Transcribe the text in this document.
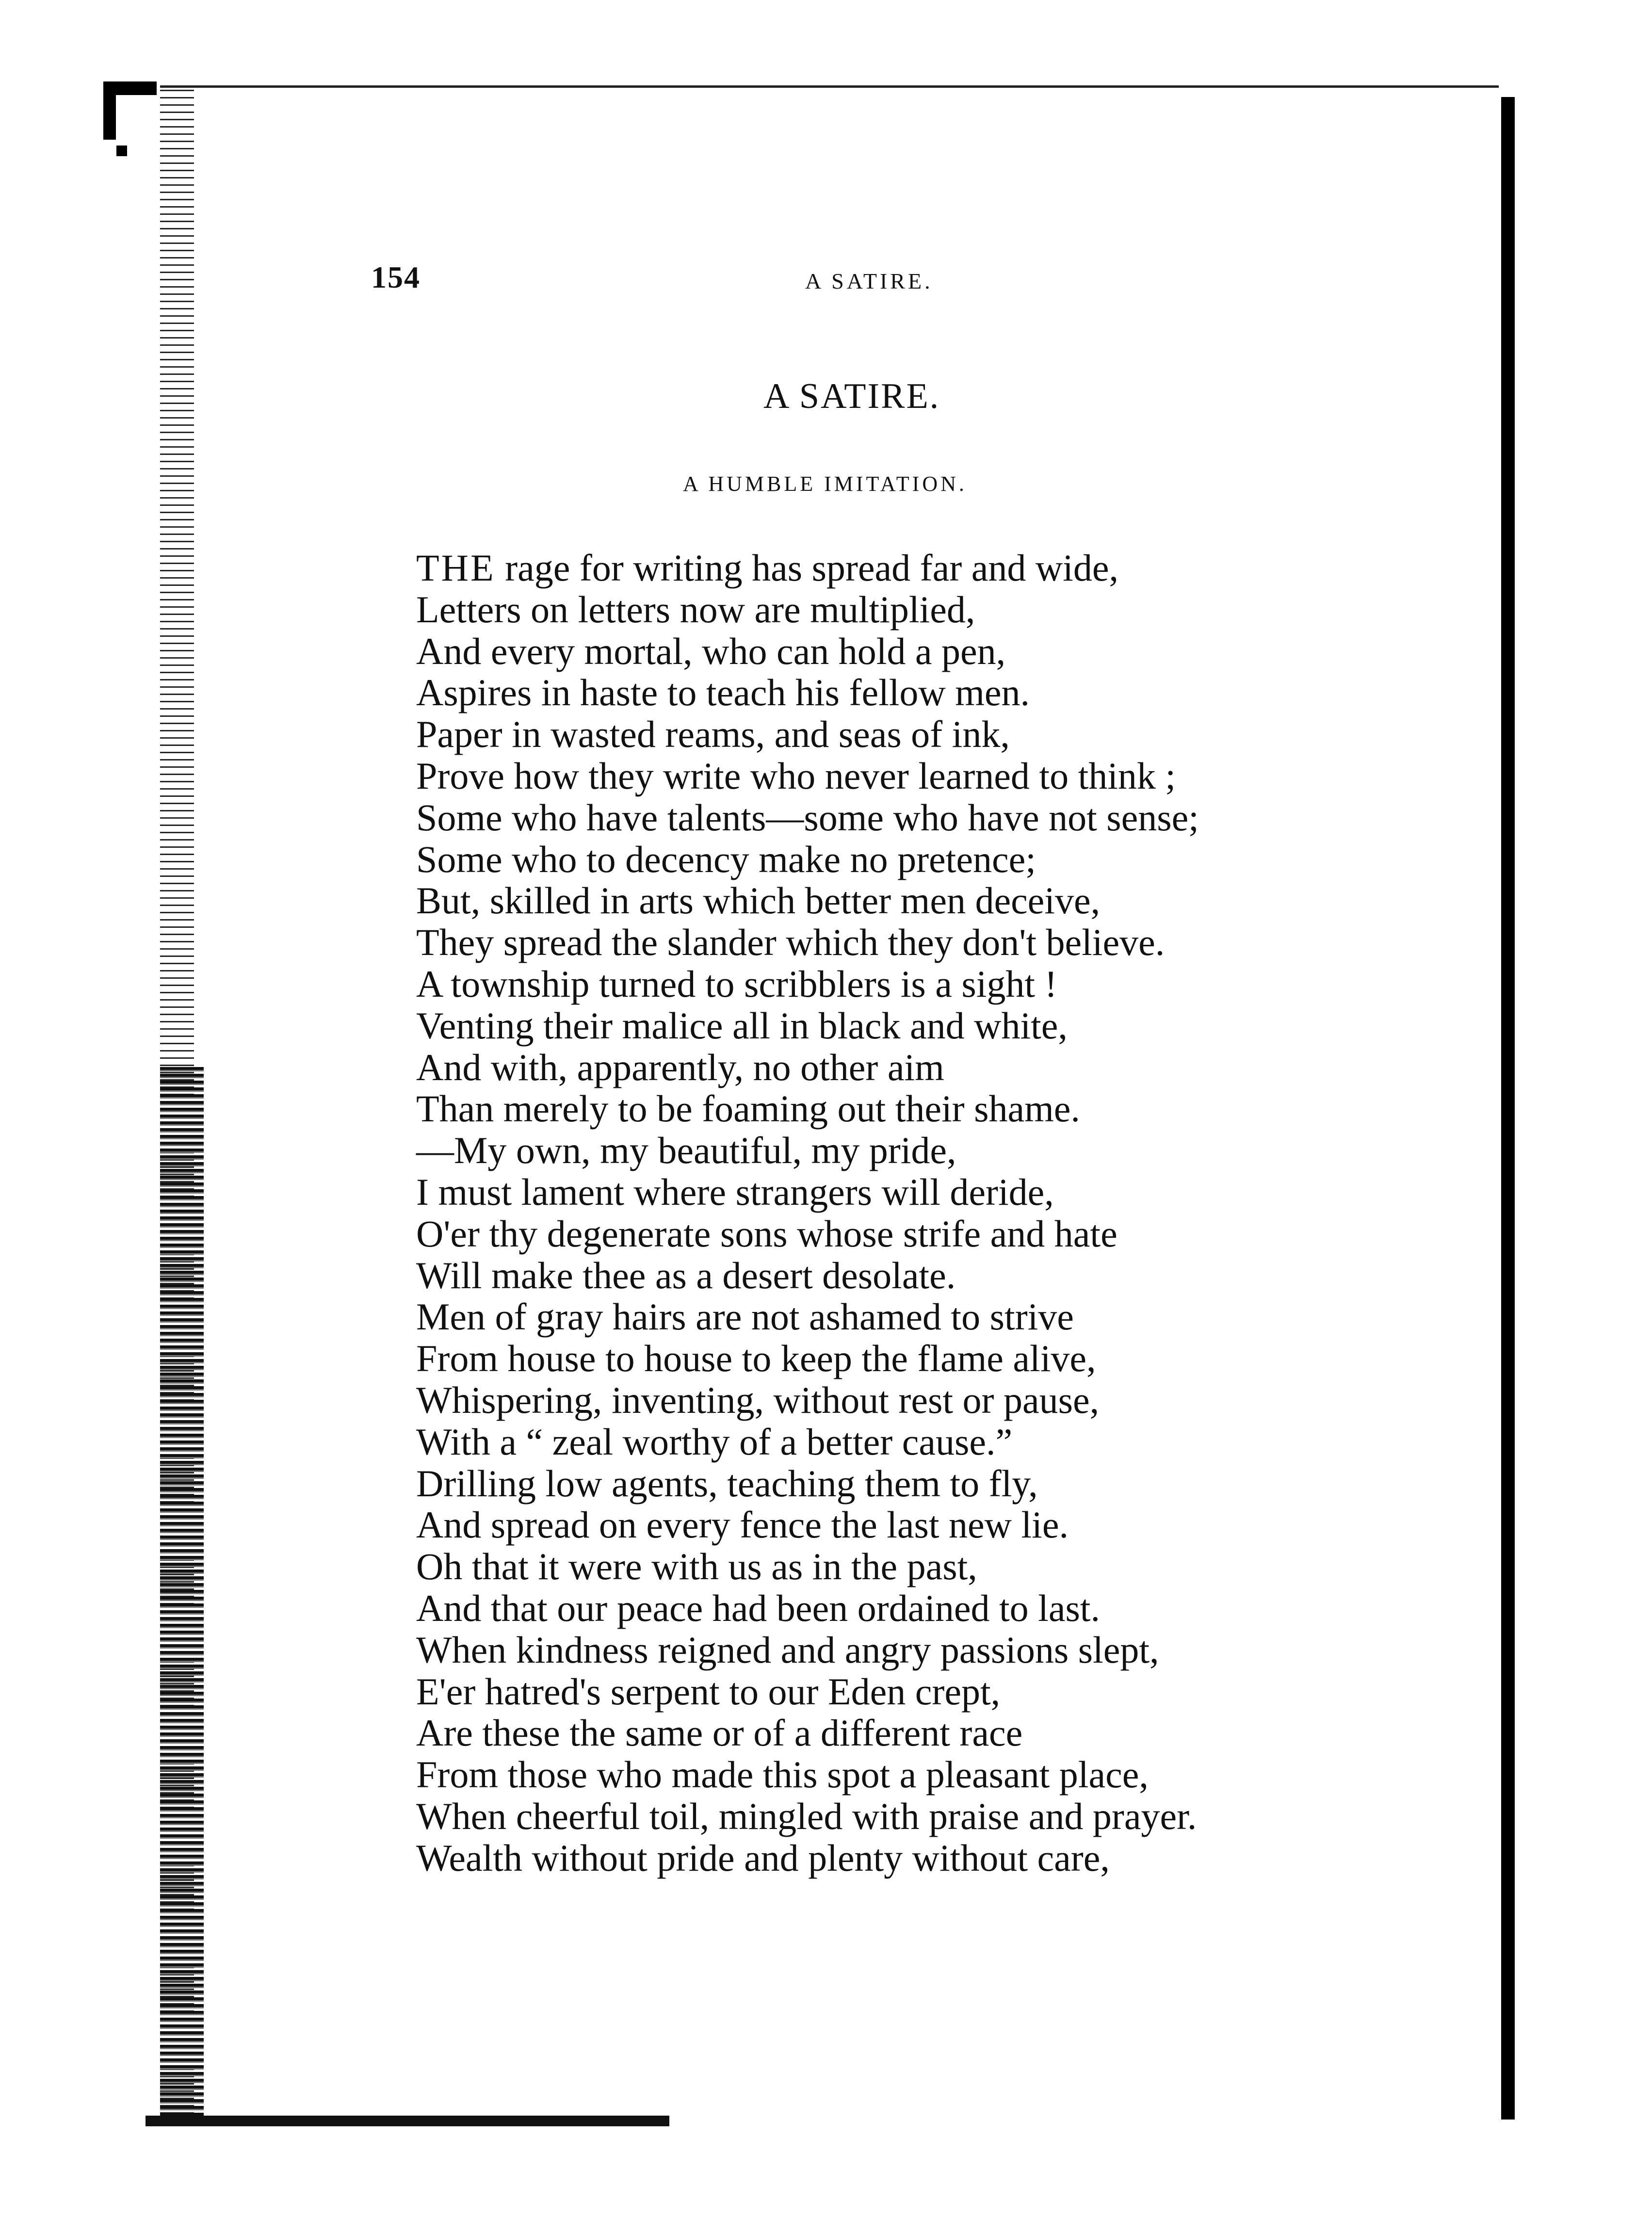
154	A SATIRE.
A SATIRE.
A HUMBLE IMITATION.
THE rage for writing has spread far and wide,
Letters on letters now are multiplied,
And every mortal, who can hold a pen,
Aspires in haste to teach his fellow men.
Paper in wasted reams, and seas of ink,
Prove how they write who never learned to think ;
Some who have talents—some who have not sense;
Some who to decency make no pretence;
But, skilled in arts which better men deceive,
They spread the slander which they don't believe.
A township turned to scribblers is a sight !
Venting their malice all in black and white,
And with, apparently, no other aim
Than merely to be foaming out their shame.
—My own, my beautiful, my pride,
I must lament where strangers will deride,
O'er thy degenerate sons whose strife and hate
Will make thee as a desert desolate.
Men of gray hairs are not ashamed to strive
From house to house to keep the flame alive,
Whispering, inventing, without rest or pause,
With a “ zeal worthy of a better cause.”
Drilling low agents, teaching them to fly,
And spread on every fence the last new lie.
Oh that it were with us as in the past,
And that our peace had been ordained to last.
When kindness reigned and angry passions slept,
E'er hatred's serpent to our Eden crept,
Are these the same or of a different race
From those who made this spot a pleasant place,
When cheerful toil, mingled with praise and prayer.
Wealth without pride and plenty without care,
